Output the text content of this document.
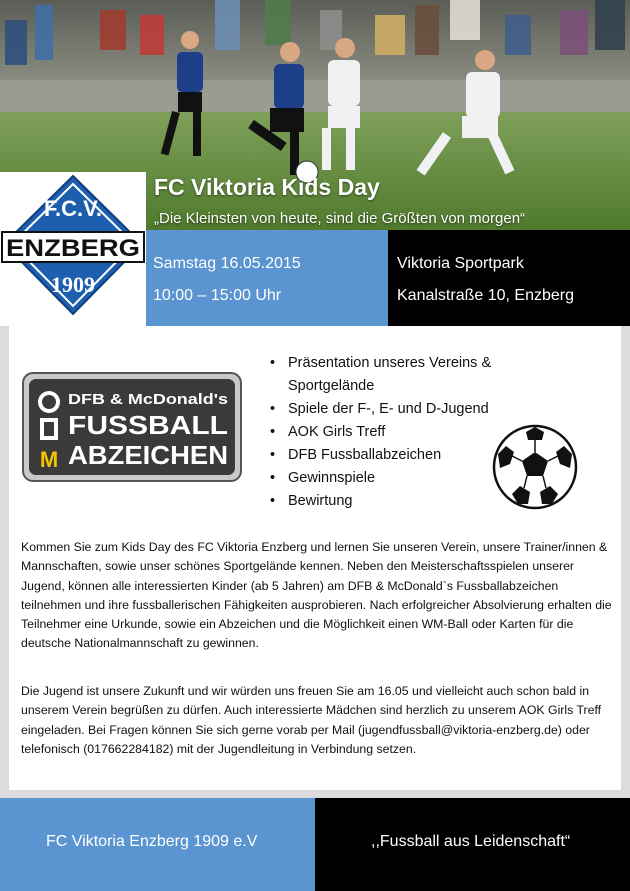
F.C.V.
ENZBERG
1909
FC Viktoria Kids Day
„Die Kleinsten von heute, sind die Größten von morgen“
Samstag 16.05.2015
10:00 – 15:00 Uhr
Viktoria Sportpark
Kanalstraße 10, Enzberg
M
DFB & McDonald's
FUSSBALL
ABZEICHEN
• Präsentation unseres Vereins & Sportgelände
• Spiele der F-, E- und D-Jugend
• AOK Girls Treff
• DFB Fussballabzeichen
• Gewinnspiele
• Bewirtung

Kommen Sie zum Kids Day des FC Viktoria Enzberg und lernen Sie unseren Verein, unsere Trainer/innen & Mannschaften, sowie unser schönes Sportgelände kennen. Neben den Meisterschaftsspielen unserer Jugend, können alle interessierten Kinder (ab 5 Jahren) am DFB & McDonald`s Fussballabzeichen teilnehmen und ihre fussballerischen Fähigkeiten ausprobieren. Nach erfolgreicher Absolvierung erhalten die Teilnehmer eine Urkunde, sowie ein Abzeichen und die Möglichkeit einen WM-Ball oder Karten für die deutsche Nationalmannschaft zu gewinnen.

Die Jugend ist unsere Zukunft und wir würden uns freuen Sie am 16.05 und vielleicht auch schon bald in unserem Verein begrüßen zu dürfen. Auch interessierte Mädchen sind herzlich zu unserem AOK Girls Treff eingeladen. Bei Fragen können Sie sich gerne vorab per Mail (jugendfussball@viktoria-enzberg.de) oder telefonisch (017662284182) mit der Jugendleitung in Verbindung setzen.

FC Viktoria Enzberg 1909 e.V	,,Fussball aus Leidenschaft“
